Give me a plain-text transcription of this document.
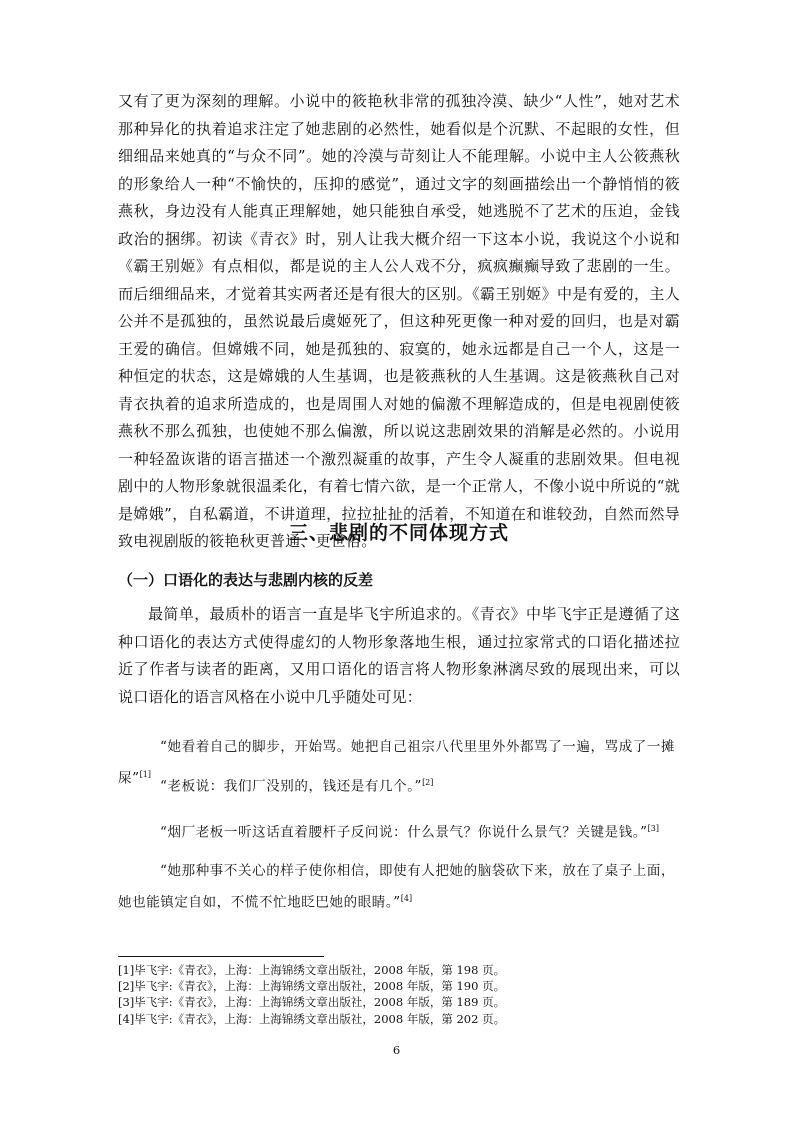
又有了更为深刻的理解。小说中的筱艳秋非常的孤独冷漠、缺少“人性”，她对艺术那种异化的执着追求注定了她悲剧的必然性，她看似是个沉默、不起眼的女性，但细细品来她真的“与众不同”。她的冷漠与苛刻让人不能理解。小说中主人公筱燕秋的形象给人一种“不愉快的，压抑的感觉”，通过文字的刻画描绘出一个静悄悄的筱燕秋，身边没有人能真正理解她，她只能独自承受，她逃脱不了艺术的压迫，金钱政治的捆绑。初读《青衣》时，别人让我大概介绍一下这本小说，我说这个小说和《霸王别姬》有点相似，都是说的主人公人戏不分，疯疯癫癫导致了悲剧的一生。而后细细品来，才觉着其实两者还是有很大的区别。《霸王别姬》中是有爱的，主人公并不是孤独的，虽然说最后虞姬死了，但这种死更像一种对爱的回归，也是对霸王爱的确信。但嫦娥不同，她是孤独的、寂寞的，她永远都是自己一个人，这是一种恒定的状态，这是嫦娥的人生基调，也是筱燕秋的人生基调。这是筱燕秋自己对青衣执着的追求所造成的，也是周围人对她的偏激不理解造成的，但是电视剧使筱燕秋不那么孤独，也使她不那么偏激，所以说这悲剧效果的消解是必然的。小说用一种轻盈诙谐的语言描述一个激烈凝重的故事，产生令人凝重的悲剧效果。但电视剧中的人物形象就很温柔化，有着七情六欲，是一个正常人，不像小说中所说的“就是嫦娥”，自私霸道，不讲道理，拉拉扯扯的活着，不知道在和谁较劲，自然而然导致电视剧版的筱艳秋更普通、更世俗。

三、悲剧的不同体现方式
（一）口语化的表达与悲剧内核的反差

最简单，最质朴的语言一直是毕飞宇所追求的。《青衣》中毕飞宇正是遵循了这种口语化的表达方式使得虚幻的人物形象落地生根，通过拉家常式的口语化描述拉近了作者与读者的距离，又用口语化的语言将人物形象淋漓尽致的展现出来，可以说口语化的语言风格在小说中几乎随处可见：

“她看着自己的脚步，开始骂。她把自己祖宗八代里里外外都骂了一遍，骂成了一摊屎”[1]

“老板说：我们厂没别的，钱还是有几个。”[2]

“烟厂老板一听这话直着腰杆子反问说：什么景气？你说什么景气？关键是钱。”[3]

“她那种事不关心的样子使你相信，即使有人把她的脑袋砍下来，放在了桌子上面，她也能镇定自如，不慌不忙地眨巴她的眼睛。”[4]

[1]毕飞宇:《青衣》，上海：上海锦绣文章出版社，2008 年版，第 198 页。
[2]毕飞宇:《青衣》，上海：上海锦绣文章出版社，2008 年版，第 190 页。
[3]毕飞宇:《青衣》，上海：上海锦绣文章出版社，2008 年版，第 189 页。
[4]毕飞宇:《青衣》，上海：上海锦绣文章出版社，2008 年版，第 202 页。
6
